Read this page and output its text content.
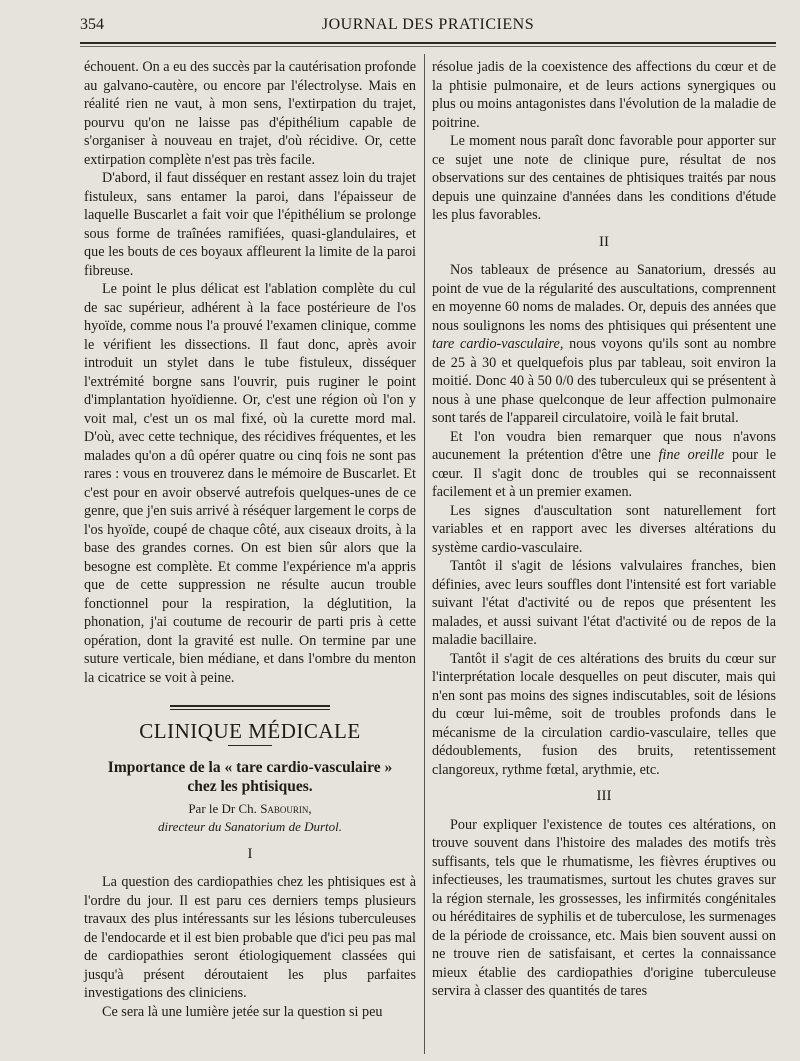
354	JOURNAL DES PRATICIENS

échouent. On a eu des succès par la cautérisation profonde au galvano-cautère, ou encore par l'électrolyse. Mais en réalité rien ne vaut, à mon sens, l'extirpation du trajet, pourvu qu'on ne laisse pas d'épithélium capable de s'organiser à nouveau en trajet, d'où récidive. Or, cette extirpation complète n'est pas très facile.

D'abord, il faut disséquer en restant assez loin du trajet fistuleux, sans entamer la paroi, dans l'épaisseur de laquelle Buscarlet a fait voir que l'épithélium se prolonge sous forme de traînées ramifiées, quasi-glandulaires, et que les bouts de ces boyaux affleurent la limite de la paroi fibreuse.

Le point le plus délicat est l'ablation complète du cul de sac supérieur, adhérent à la face postérieure de l'os hyoïde, comme nous l'a prouvé l'examen clinique, comme le vérifient les dissections. Il faut donc, après avoir introduit un stylet dans le tube fistuleux, disséquer l'extrémité borgne sans l'ouvrir, puis ruginer le point d'implantation hyoïdienne. Or, c'est une région où l'on y voit mal, c'est un os mal fixé, où la curette mord mal. D'où, avec cette technique, des récidives fréquentes, et les malades qu'on a dû opérer quatre ou cinq fois ne sont pas rares : vous en trouverez dans le mémoire de Buscarlet. Et c'est pour en avoir observé autrefois quelques-unes de ce genre, que j'en suis arrivé à réséquer largement le corps de l'os hyoïde, coupé de chaque côté, aux ciseaux droits, à la base des grandes cornes. On est bien sûr alors que la besogne est complète. Et comme l'expérience m'a appris que de cette suppression ne résulte aucun trouble fonctionnel pour la respiration, la déglutition, la phonation, j'ai coutume de recourir de parti pris à cette opération, dont la gravité est nulle. On termine par une suture verticale, bien médiane, et dans l'ombre du menton la cicatrice se voit à peine.

CLINIQUE MÉDICALE

Importance de la « tare cardio-vasculaire »

chez les phtisiques.

Par le Dr Ch. Sabourin,
directeur du Sanatorium de Durtol.
I

La question des cardiopathies chez les phtisiques est à l'ordre du jour. Il est paru ces derniers temps plusieurs travaux des plus intéressants sur les lésions tuberculeuses de l'endocarde et il est bien probable que d'ici peu pas mal de cardiopathies seront étiologiquement classées qui jusqu'à présent déroutaient les plus parfaites investigations des cliniciens.

Ce sera là une lumière jetée sur la question si peu

résolue jadis de la coexistence des affections du cœur et de la phtisie pulmonaire, et de leurs actions synergiques ou plus ou moins antagonistes dans l'évolution de la maladie de poitrine.

Le moment nous paraît donc favorable pour apporter sur ce sujet une note de clinique pure, résultat de nos observations sur des centaines de phtisiques traités par nous depuis une quinzaine d'années dans les conditions d'étude les plus favorables.

II

Nos tableaux de présence au Sanatorium, dressés au point de vue de la régularité des auscultations, comprennent en moyenne 60 noms de malades. Or, depuis des années que nous soulignons les noms des phtisiques qui présentent une tare cardio-vasculaire, nous voyons qu'ils sont au nombre de 25 à 30 et quelquefois plus par tableau, soit environ la moitié. Donc 40 à 50 0/0 des tuberculeux qui se présentent à nous à une phase quelconque de leur affection pulmonaire sont tarés de l'appareil circulatoire, voilà le fait brutal.

Et l'on voudra bien remarquer que nous n'avons aucunement la prétention d'être une fine oreille pour le cœur. Il s'agit donc de troubles qui se reconnaissent facilement et à un premier examen.

Les signes d'auscultation sont naturellement fort variables et en rapport avec les diverses altérations du système cardio-vasculaire.

Tantôt il s'agit de lésions valvulaires franches, bien définies, avec leurs souffles dont l'intensité est fort variable suivant l'état d'activité ou de repos que présentent les malades, et aussi suivant l'état d'activité ou de repos de la maladie bacillaire.

Tantôt il s'agit de ces altérations des bruits du cœur sur l'interprétation locale desquelles on peut discuter, mais qui n'en sont pas moins des signes indiscutables, soit de lésions du cœur lui-même, soit de troubles profonds dans le mécanisme de la circulation cardio-vasculaire, telles que dédoublements, fusion des bruits, retentissement clangoreux, rythme fœtal, arythmie, etc.

III

Pour expliquer l'existence de toutes ces altérations, on trouve souvent dans l'histoire des malades des motifs très suffisants, tels que le rhumatisme, les fièvres éruptives ou infectieuses, les traumatismes, surtout les chutes graves sur la région sternale, les grossesses, les infirmités congénitales ou héréditaires de syphilis et de tuberculose, les surmenages de la période de croissance, etc. Mais bien souvent aussi on ne trouve rien de satisfaisant, et certes la connaissance mieux établie des cardiopathies d'origine tuberculeuse servira à classer des quantités de tares
